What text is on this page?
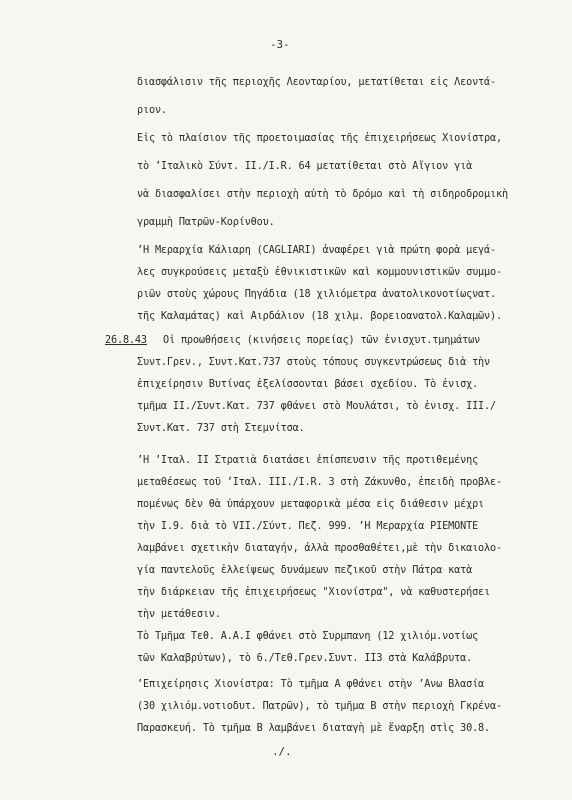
-3-
διασφάλισιν τῆς περιοχῆς Λεονταρίου, μετατίθεται εἰς Λεοντά-
ριον.
Εἰς τὸ πλαίσιον τῆς προετοιμασίας τῆς ἐπιχειρήσεως Χιονίστρα,
τὸ ʼΙταλικὸ Σύντ. II./I.R. 64 μετατίθεται στὸ Αἴγιον γιὰ
νὰ διασφαλίσει στὴν περιοχὴ αὐτὴ τὸ δρόμο καὶ τὴ σιδηροδρομικὴ
γραμμὴ Πατρῶν-Κορίνθου.
ʼΗ Μεραρχία Κάλιαρη (CAGLIARI) ἀναφέρει γιὰ πρώτη φορὰ μεγά-
λες συγκρούσεις μεταξὺ ἐθνικιστικῶν καὶ κομμουνιστικῶν συμμο-
ριῶν στοὺς χώρους Πηγάδια (18 χιλιόμετρα ἀνατολικονοτίωςνατ.
τῆς Καλαμάτας) καὶ Αιρδάλιον (18 χιλμ. βορειοανατολ.Καλαμῶν).
26.8.43 Οἱ προωθήσεις (κινήσεις πορείας) τῶν ἐνισχυτ.τμημάτων
Συντ.Γρεν., Συντ.Κατ.737 στοὺς τόπους συγκεντρώσεως διὰ τὴν
ἐπιχείρησιν Βυτίνας ἐξελίσσονται βάσει σχεδίου. Τὸ ἐνισχ.
τμῆμα II./Συντ.Κατ. 737 φθάνει στὸ Μουλάτσι, τὸ ἐνισχ. III./
Συντ.Κατ. 737 στὴ Στεμνίτσα.
ʼΗ ʼΙταλ. II Στρατιὰ διατάσει ἐπίσπευσιν τῆς προτιθεμένης
μεταθέσεως τοῦ ʼΙταλ. III./I.R. 3 στὴ Ζάκυνθο, ἐπειδὴ προβλε-
πομένως δὲν θὰ ὑπάρχουν μεταφορικὰ μέσα εἰς διάθεσιν μέχρι
τὴν I.9. διὰ τὸ VII./Σύντ. Πεζ. 999. ʼΗ Μεραρχία PIEMONTE
λαμβάνει σχετικὴν διαταγήν, ἀλλὰ προσθαθέτει,μὲ τὴν δικαιολο-
γία παντελοῦς ἐλλείψεως δυνάμεων πεζικοῦ στὴν Πάτρα κατὰ
τὴν διάρκειαν τῆς ἐπιχειρήσεως "Χιονίστρα", νὰ καθυστερήσει
τὴν μετάθεσιν.
Τὸ Τμῆμα Τεθ. Α.Α.I φθάνει στὸ Συρμπανη (12 χιλιόμ.νοτίως
τῶν Καλαβρύτων), τὸ 6./Τεθ.Γρεν.Συντ. II3 στὰ Καλάβρυτα.
ʼΕπιχείρησις Χιονίστρα: Τὸ τμῆμα Α φθάνει στὴν ʼΑνω Βλασία
(30 χιλιόμ.νοτιοδυτ. Πατρῶν), τὸ τμῆμα Β στὴν περιοχὴ Γκρένα-
Παρασκευή. Τὸ τμῆμα Β λαμβάνει διαταγὴ μὲ ἔναρξη στὶς 30.8.
./.
